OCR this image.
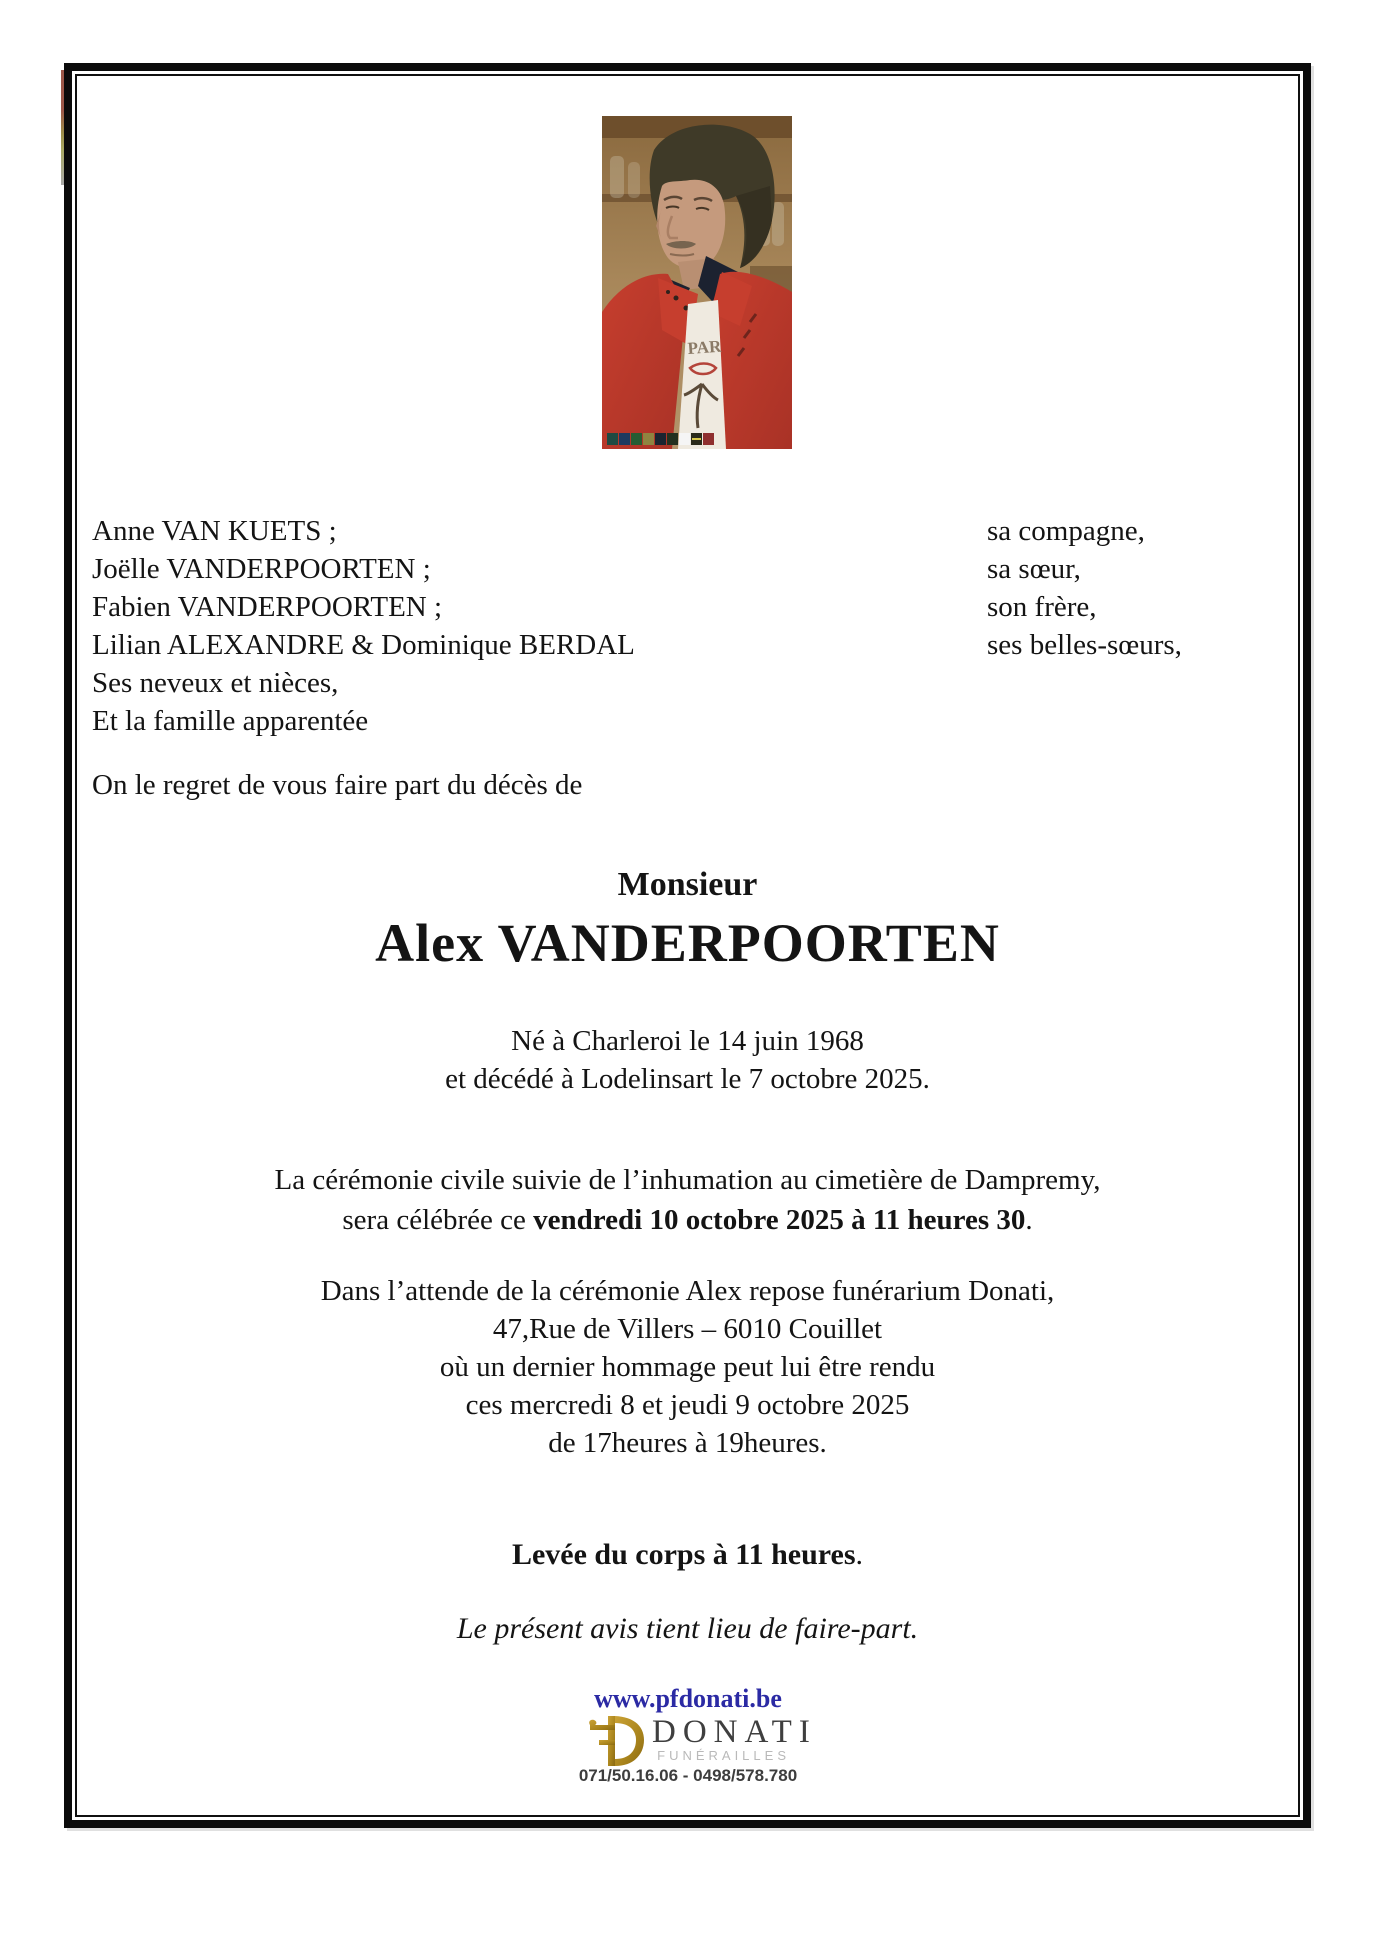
PAR
Anne VAN KUETS ;
Joëlle VANDERPOORTEN ;
Fabien VANDERPOORTEN ;
Lilian ALEXANDRE & Dominique BERDAL
Ses neveux et nièces,
Et la famille apparentée
sa compagne,
sa sœur,
son frère,
ses belles-sœurs,
On le regret de vous faire part du décès de
Monsieur
Alex VANDERPOORTEN
Né à Charleroi le 14 juin 1968
et décédé à Lodelinsart le 7 octobre 2025.
La cérémonie civile suivie de l’inhumation au cimetière de Dampremy,
sera célébrée ce vendredi 10 octobre 2025 à 11 heures 30.
Dans l’attende de la cérémonie Alex repose funérarium Donati,
47,Rue de Villers – 6010 Couillet
où un dernier hommage peut lui être rendu
ces mercredi 8 et jeudi 9 octobre 2025
de 17heures à 19heures.
Levée du corps à 11 heures.
Le présent avis tient lieu de faire-part.
www.pfdonati.be
DONATI
FUNÉRAILLES
071/50.16.06 - 0498/578.780
